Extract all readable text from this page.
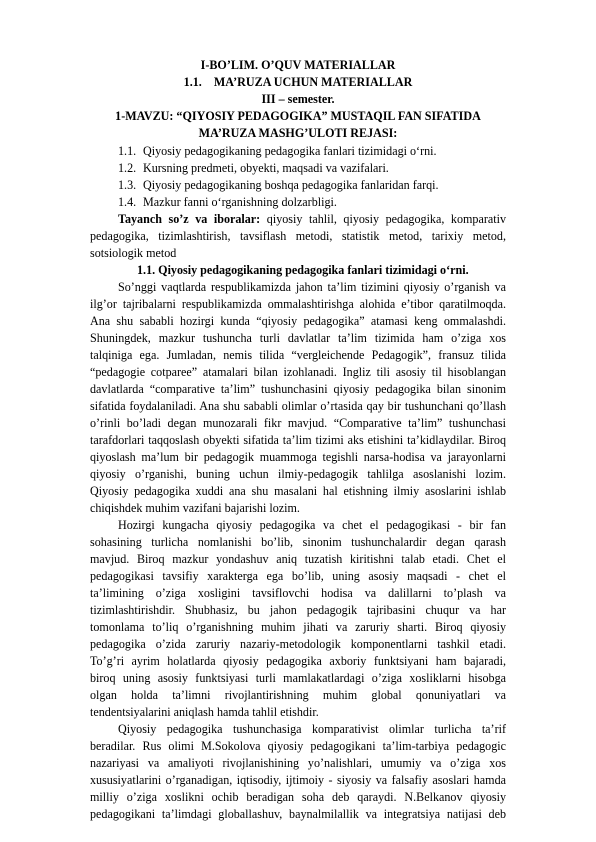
I-BO’LIM. O’QUV MATERIALLAR
1.1. MA’RUZA UCHUN MATERIALLAR
III – semester.
1-MAVZU: “QIYOSIY PEDAGOGIKA” MUSTAQIL FAN SIFATIDA
MA’RUZA MASHG’ULOTI REJASI:
1.1. Qiyosiy pedagogikaning pedagogika fanlari tizimidagi o‘rni.
1.2. Kursning predmeti, obyekti, maqsadi va vazifalari.
1.3. Qiyosiy pedagogikaning boshqa pedagogika fanlaridan farqi.
1.4. Mazkur fanni o‘rganishning dolzarbligi.
Tayanch so’z va iboralar: qiyosiy tahlil, qiyosiy pedagogika, komparativ
pedagogika, tizimlashtirish, tavsiflash metodi, statistik metod, tarixiy metod,
sotsiologik metod
1.1. Qiyosiy pedagogikaning pedagogika fanlari tizimidagi o‘rni.
So’nggi vaqtlarda respublikamizda jahon ta’lim tizimini qiyosiy o’rganish va
ilg’or tajribalarni respublikamizda ommalashtirishga alohida e’tibor qaratilmoqda.
Ana shu sababli hozirgi kunda “qiyosiy pedagogika” atamasi keng ommalashdi.
Shuningdek, mazkur tushuncha turli davlatlar ta’lim tizimida ham o’ziga xos
talqiniga ega. Jumladan, nemis tilida “vergleichende Pedagogik”, fransuz tilida
“pedagogie cotparee” atamalari bilan izohlanadi. Ingliz tili asosiy til hisoblangan
davlatlarda “comparative ta’lim” tushunchasini qiyosiy pedagogika bilan sinonim
sifatida foydalaniladi. Ana shu sababli olimlar o’rtasida qay bir tushunchani qo’llash
o’rinli bo’ladi degan munozarali fikr mavjud. “Comparative ta’lim” tushunchasi
tarafdorlari taqqoslash obyekti sifatida ta’lim tizimi aks etishini ta’kidlaydilar. Biroq
qiyoslash ma’lum bir pedagogik muammoga tegishli narsa-hodisa va jarayonlarni
qiyosiy o’rganishi, buning uchun ilmiy-pedagogik tahlilga asoslanishi lozim.
Qiyosiy pedagogika xuddi ana shu masalani hal etishning ilmiy asoslarini ishlab
chiqishdek muhim vazifani bajarishi lozim.
Hozirgi kungacha qiyosiy pedagogika va chet el pedagogikasi - bir fan
sohasining turlicha nomlanishi bo’lib, sinonim tushunchalardir degan qarash
mavjud. Biroq mazkur yondashuv aniq tuzatish kiritishni talab etadi. Chet el
pedagogikasi tavsifiy xarakterga ega bo’lib, uning asosiy maqsadi - chet el
ta’limining o’ziga xosligini tavsiflovchi hodisa va dalillarni to’plash va
tizimlashtirishdir. Shubhasiz, bu jahon pedagogik tajribasini chuqur va har
tomonlama to’liq o’rganishning muhim jihati va zaruriy sharti. Biroq qiyosiy
pedagogika o’zida zaruriy nazariy-metodologik komponentlarni tashkil etadi.
To’g’ri ayrim holatlarda qiyosiy pedagogika axboriy funktsiyani ham bajaradi,
biroq uning asosiy funktsiyasi turli mamlakatlardagi o’ziga xosliklarni hisobga
olgan holda ta’limni rivojlantirishning muhim global qonuniyatlari va
tendentsiyalarini aniqlash hamda tahlil etishdir.
Qiyosiy pedagogika tushunchasiga komparativist olimlar turlicha ta’rif
beradilar. Rus olimi M.Sokolova qiyosiy pedagogikani ta’lim-tarbiya pedagogic
nazariyasi va amaliyoti rivojlanishining yo’nalishlari, umumiy va o’ziga xos
xususiyatlarini o’rganadigan, iqtisodiy, ijtimoiy - siyosiy va falsafiy asoslari hamda
milliy o’ziga xoslikni ochib beradigan soha deb qaraydi. N.Belkanov qiyosiy
pedagogikani ta’limdagi globallashuv, baynalmilallik va integratsiya natijasi deb
